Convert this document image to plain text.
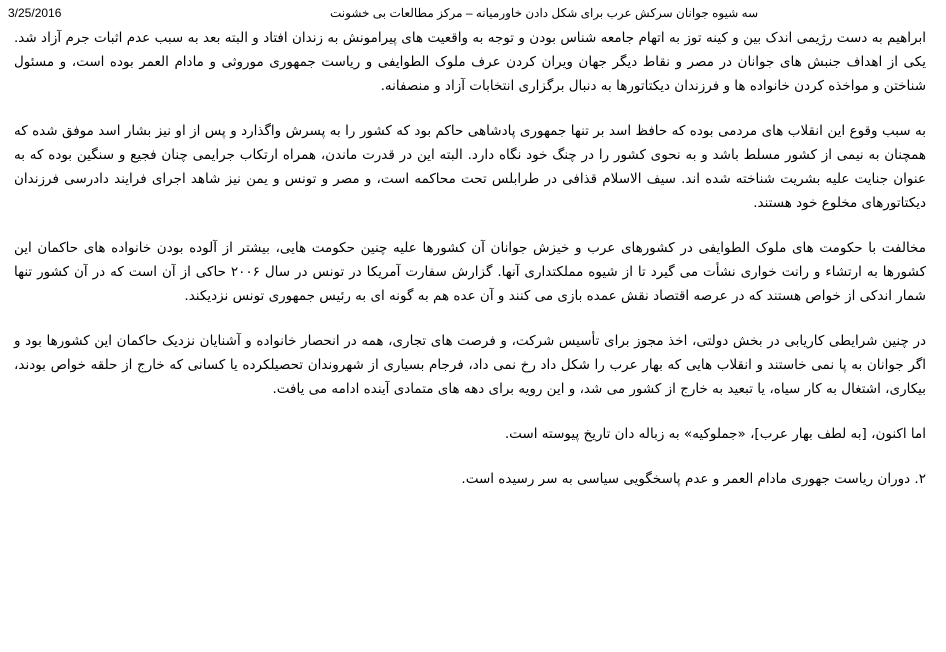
3/25/2016	سه شیوه جوانان سرکش عرب برای شکل دادن خاورمیانه – مرکز مطالعات بی خشونت

ابراهیم به دست رژیمی اندک بین و کینه توز به اتهام جامعه شناس بودن و توجه به واقعیت های پیرامونش به زندان افتاد و البته بعد به سبب عدم اثبات جرم آزاد شد. یکی از اهداف جنبش های جوانان در مصر و نقاط دیگر جهان ویران کردن عرف ملوک الطوایفی و ریاست جمهوری موروثی و مادام العمر بوده است، و مسئول شناختن و مواخذه کردن خانواده ها و فرزندان دیکتاتورها به دنبال برگزاری انتخابات آزاد و منصفانه.

به سبب وقوع این انقلاب های مردمی بوده که حافظ اسد بر تنها جمهوری پادشاهی حاکم بود که کشور را به پسرش واگذارد و پس از او نیز بشار اسد موفق شده که همچنان به نیمی از کشور مسلط باشد و به نحوی کشور را در چنگ خود نگاه دارد. البته این در قدرت ماندن، همراه ارتکاب جرایمی چنان فجیع و سنگین بوده که به عنوان جنایت علیه بشریت شناخته شده اند. سیف الاسلام قذافی در طرابلس تحت محاکمه است، و مصر و تونس و یمن نیز شاهد اجرای فرایند دادرسی فرزندان دیکتاتورهای مخلوع خود هستند.

مخالفت با حکومت های ملوک الطوایفی در کشورهای عرب و خیزش جوانان آن کشورها علیه چنین حکومت هایی، بیشتر از آلوده بودن خانواده های حاکمان این کشورها به ارتشاء و رانت خواری نشأت می گیرد تا از شیوه مملکتداری آنها. گزارش سفارت آمریکا در تونس در سال ۲۰۰۶ حاکی از آن است که در آن کشور تنها شمار اندکی از خواص هستند که در عرصه اقتصاد نقش عمده بازی می کنند و آن عده هم به گونه ای به رئیس جمهوری تونس نزدیکند.

در چنین شرایطی کاریابی در بخش دولتی، اخذ مجوز برای تأسیس شرکت، و فرصت های تجاری، همه در انحصار خانواده و آشنایان نزدیک حاکمان این کشورها بود و اگر جوانان به پا نمی خاستند و انقلاب هایی که بهار عرب را شکل داد رخ نمی داد، فرجام بسیاری از شهروندان تحصیلکرده یا کسانی که خارج از حلقه خواص بودند، بیکاری، اشتغال به کار سیاه، یا تبعید به خارج از کشور می شد، و این رویه برای دهه های متمادی آینده ادامه می یافت.

اما اکنون، [به لطف بهار عرب]، «جملوکیه» به زباله دان تاریخ پیوسته است.

۲. دوران ریاست جهوری مادام العمر و عدم پاسخگویی سیاسی به سر رسیده است.
